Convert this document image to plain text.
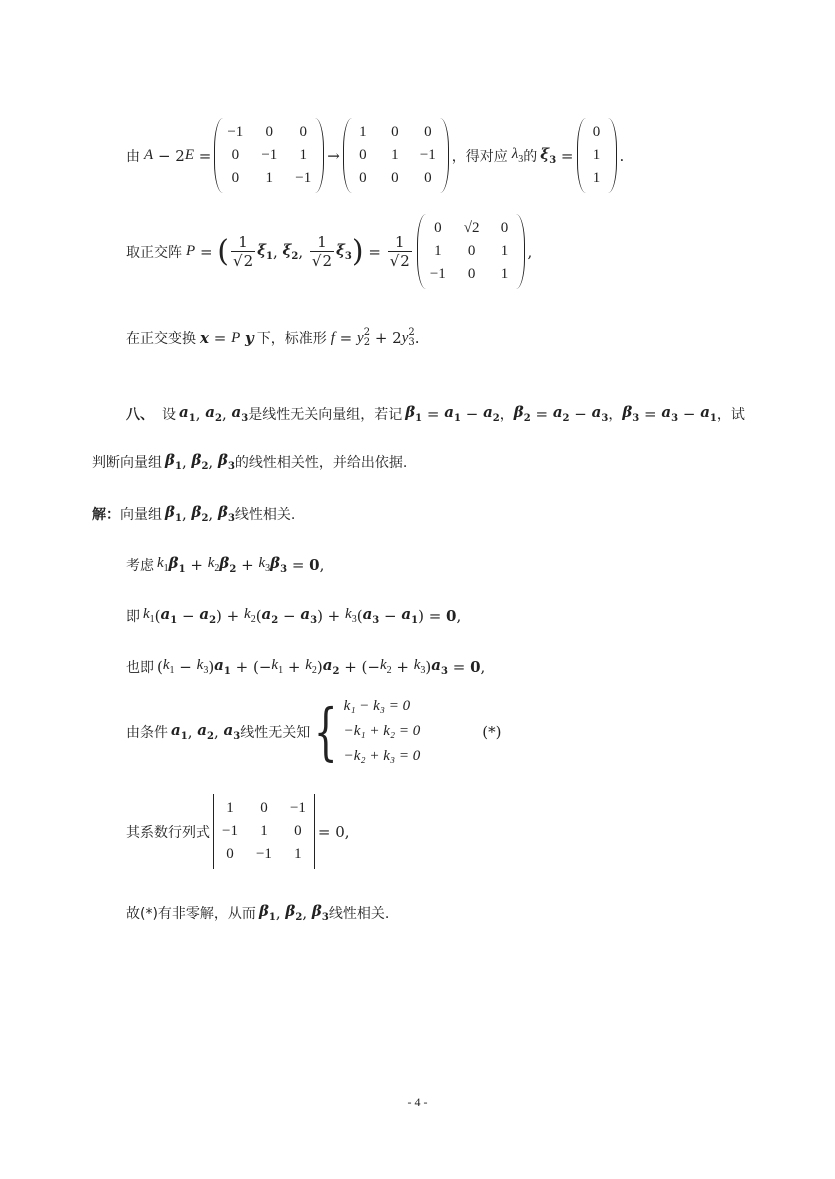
由 A − 2 E =
−1 0 0
0 −1 1
0 1 −1
→
1 0 0
0 1 −1
0 0 0
，得对应 $\lambda_3$ 的 $\xi_3$ =
0
1
1
.
取正交阵 P = ( $\frac{1}{√2} \xi_1$ , $\xi_2$ , $\frac{1}{√2} \xi_3$ ) = $\frac{1}{√2}$
0 √2 0
1 0 1
−1 0 1
,
在正交变换 x = P
y 下，标准形 f = y 2
2 + 2 y 2
3 .
八、 设 $a_1$ , $a_2$ , $a_3$ 是线性无关向量组，若记 $\beta_1 = a_1 - a_2$ ， $\beta_2 = a_2 - a_3$ ， $\beta_3 = a_3 - a_1$ ，试
判断向量组 $\beta_1$ , $\beta_2$ , $\beta_3$ 的线性相关性，并给出依据.
解： 向量组 $\beta_1$ , $\beta_2$ , $\beta_3$ 线性相关.
考虑 $k_1$ $\beta_1 + k_2$ $\beta_2 + k_3$ $\beta_3 = 0$ ,
即 $k_1$ ( $a_1 - a_2$ ) + $k_2$ ( $a_2 - a_3$ ) + $k_3$ ( $a_3 - a_1$ ) = 0 ,
也即 ( $k_1 - k_3$ ) $a_1$ + (− $k_1 + k_2$ ) $a_2$ + (− $k_2 + k_3$ ) $a_3 = 0$ ,
由条件 $a_1$ , $a_2$ , $a_3$ 线性无关知 { k₁ − k₃ = 0
−k₁ + k₂ = 0
−k₂ + k₃ = 0
(*)
其系数行列式
1 0 −1
−1 1 0
0 −1 1
= 0,
故(*)有非零解，从而 $\beta_1$ , $\beta_2$ , $\beta_3$ 线性相关.
- 4 -
